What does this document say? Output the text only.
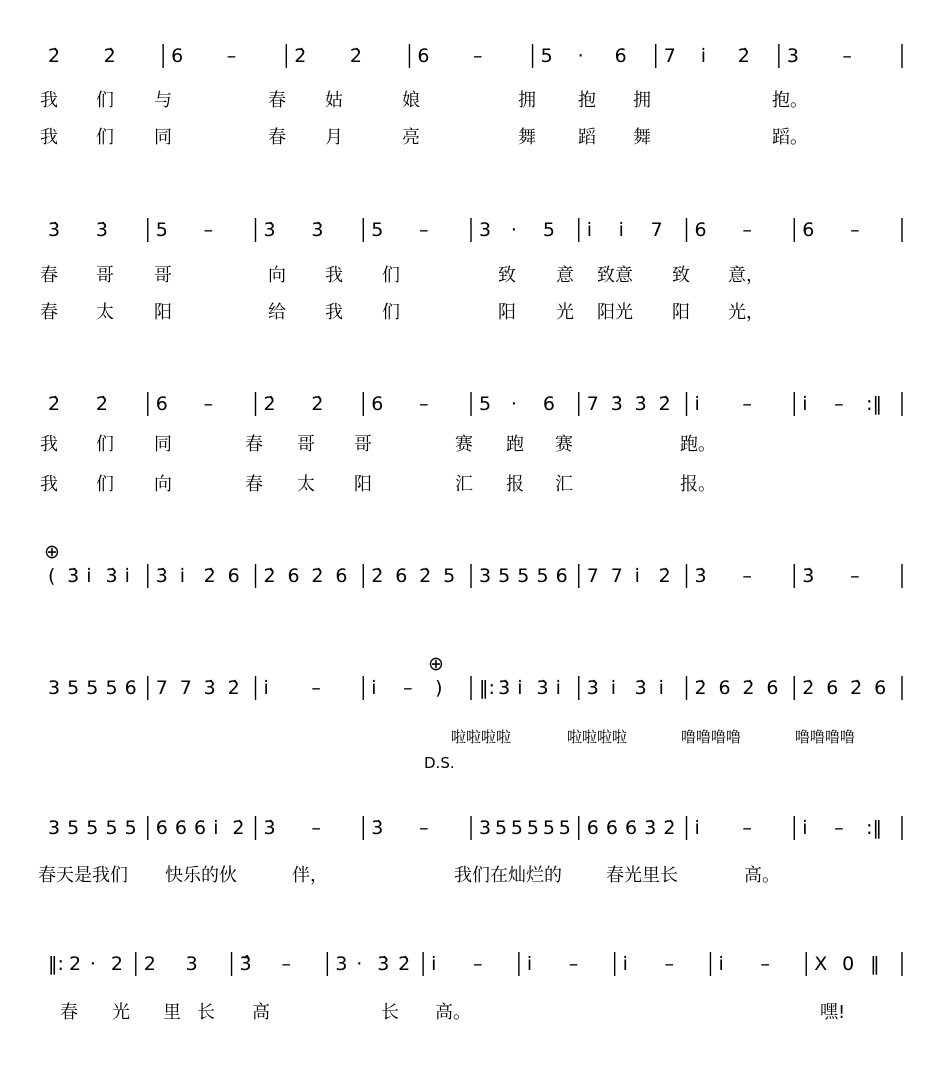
2̇ 2̇	6 –	2̇ 2̇	6 –	5 · 6 7 i̇ 2̇ 3 –
3̇ 3̇	5 –	3̇ 3̇	5 –	3 · 5 i̇ i̇ 7 6 –	6 –
2̇ 2̇	6 –	2̇ 2̇	6 –	5 · 6 7 3̇ 3̇ 2̇ i̇ –	i̇ – :‖
( 3̇ i̇ 3̇ i̇ 3̇ i̇ 2̇ 6 2̇ 6 2̇ 6 2̇ 6 2̇ 5 3 5 5 5 6 7 7 i̇ 2̇ 3̇ –	3̇ –
⊕
3 5 5 5 6 7 7 3̇ 2̇ i̇ –	i̇ – ) ‖: 3̇ i̇ 3̇ i̇ 3̇ i̇ 3̇ i̇ 2̇ 6 2̇ 6 2̇ 6 2̇ 6
⊕
3 5 5 5 5 6 6 6 i̇ 2̇ 3̇ –	3̇ –	3 5 5 5 5 5 6 6 6 3̇ 2̇ i̇ –	i̇ – :‖
‖: 2 · 2 2 3 3̂ – 3 · 3̇ 2̇ i̇ – i̇ – i̇ – i̇ – X 0 ‖
我 们 与	春 姑	娘	拥 抱 拥	抱。
我 们 同	春 月	亮	舞 蹈 舞	蹈。
春 哥 哥	向 我 们	致 意 致意 致 意，
春 太 阳	给 我 们	阳 光 阳光 阳 光，
我 们 同	春 哥 哥	赛 跑 赛	跑。
我 们 向	春 太 阳	汇 报 汇	报。
啦啦啦啦	啦啦啦啦	噜噜噜噜	噜噜噜噜
D.S.
春天是我们 快乐的伙	伴，	我们在灿烂的 春光里长	高。
春 光 里 长 高	长 高。	嘿!
